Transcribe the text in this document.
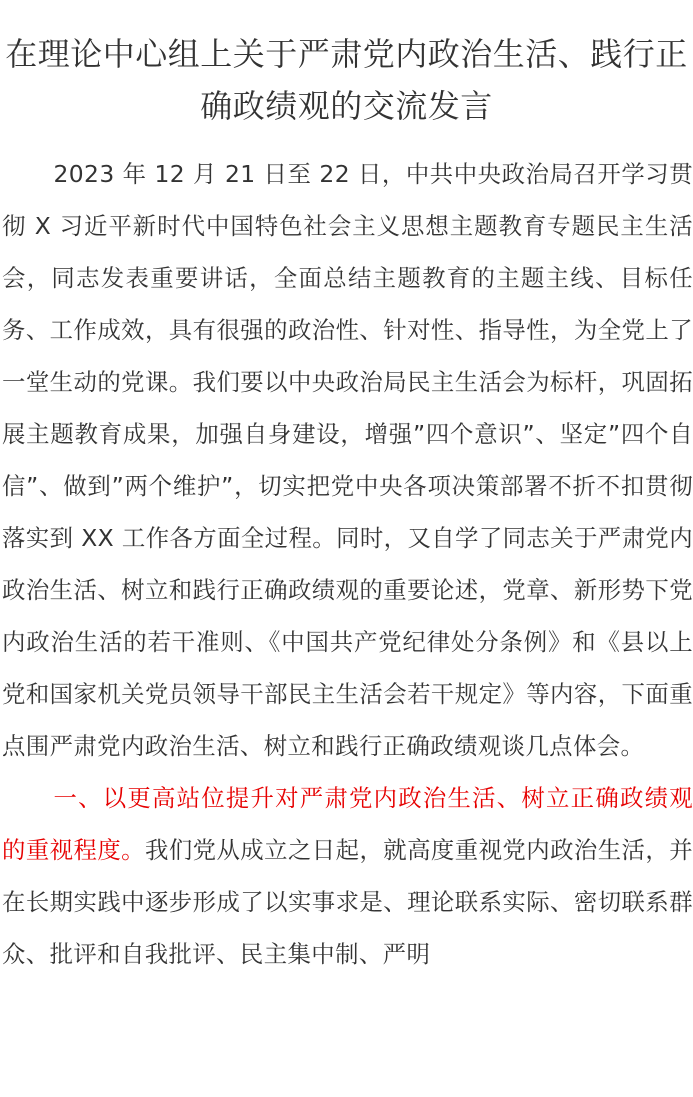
在理论中心组上关于严肃党内政治生活、践行正确政绩观的交流发言

2023 年 12 月 21 日至 22 日，中共中央政治局召开学习贯彻 X 习近平新时代中国特色社会主义思想主题教育专题民主生活会，同志发表重要讲话，全面总结主题教育的主题主线、目标任务、工作成效，具有很强的政治性、针对性、指导性，为全党上了一堂生动的党课。我们要以中央政治局民主生活会为标杆，巩固拓展主题教育成果，加强自身建设，增强”四个意识”、坚定”四个自信”、做到”两个维护”，切实把党中央各项决策部署不折不扣贯彻落实到 XX 工作各方面全过程。同时，又自学了同志关于严肃党内政治生活、树立和践行正确政绩观的重要论述，党章、新形势下党内政治生活的若干准则、《中国共产党纪律处分条例》和《县以上党和国家机关党员领导干部民主生活会若干规定》等内容，下面重点围严肃党内政治生活、树立和践行正确政绩观谈几点体会。

一、以更高站位提升对严肃党内政治生活、树立正确政绩观的重视程度。我们党从成立之日起，就高度重视党内政治生活，并在长期实践中逐步形成了以实事求是、理论联系实际、密切联系群众、批评和自我批评、民主集中制、严明
